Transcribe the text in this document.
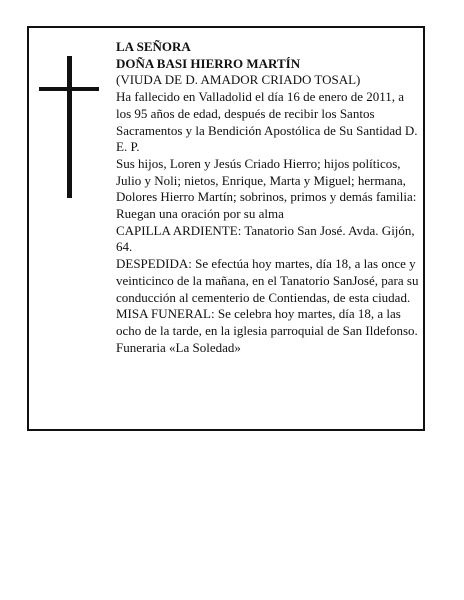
LA SEÑORA

DOÑA BASI HIERRO MARTÍN

(VIUDA DE D. AMADOR CRIADO TOSAL)

Ha fallecido en Valladolid el día 16 de enero de 2011, a los 95 años de edad, después de recibir los Santos Sacramentos y la Bendición Apostólica de Su Santidad D. E. P.

Sus hijos, Loren y Jesús Criado Hierro; hijos políticos, Julio y Noli; nietos, Enrique, Marta y Miguel; hermana, Dolores Hierro Martín; sobrinos, primos y demás familia:

Ruegan una oración por su alma

CAPILLA ARDIENTE: Tanatorio San José. Avda. Gijón, 64.

DESPEDIDA: Se efectúa hoy martes, día 18, a las once y veinticinco de la mañana, en el Tanatorio SanJosé, para su conducción al cementerio de Contiendas, de esta ciudad.

MISA FUNERAL: Se celebra hoy martes, día 18, a las ocho de la tarde, en la iglesia parroquial de San Ildefonso.

Funeraria «La Soledad»
